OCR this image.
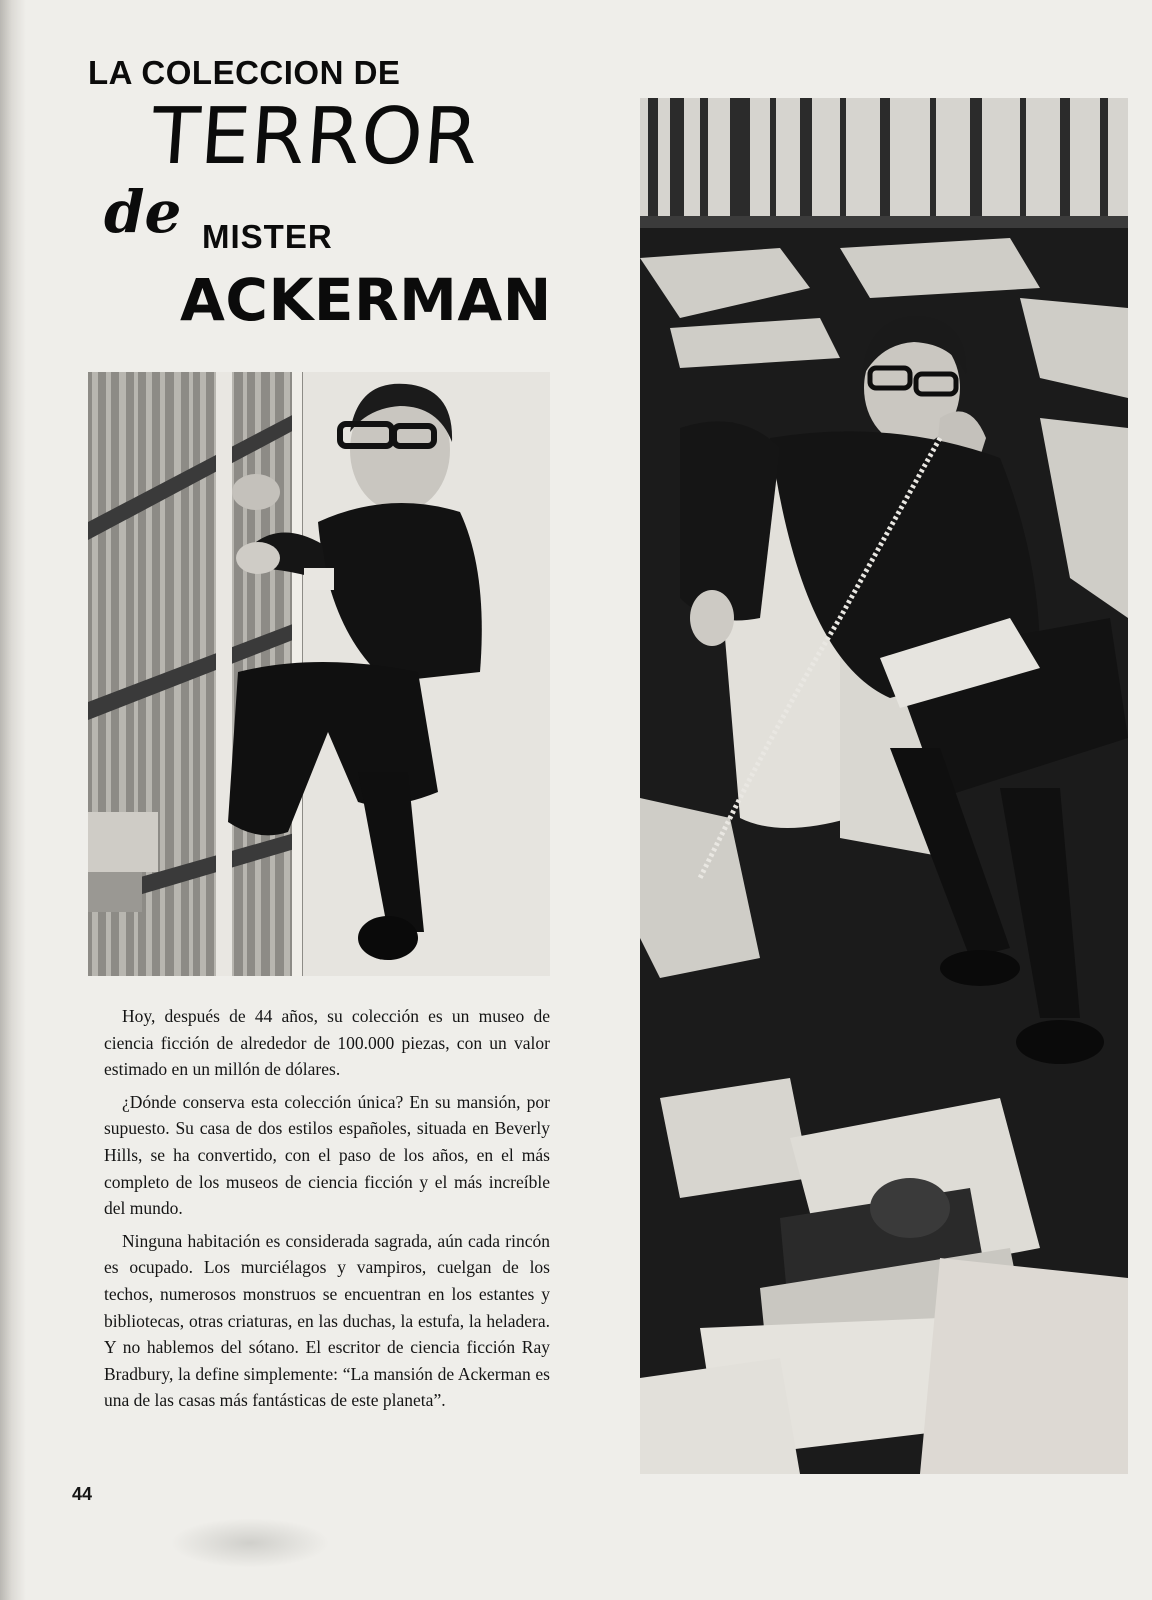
LA COLECCION DE
TERROR
de MISTER
ACKERMAN

Hoy, después de 44 años, su colección es un museo de ciencia ficción de alrededor de 100.000 piezas, con un valor estimado en un millón de dólares.

¿Dónde conserva esta colección única? En su mansión, por supuesto. Su casa de dos estilos españoles, situada en Beverly Hills, se ha convertido, con el paso de los años, en el más completo de los museos de ciencia ficción y el más increíble del mundo.

Ninguna habitación es considerada sagrada, aún cada rincón es ocupado. Los murciélagos y vampiros, cuelgan de los techos, numerosos monstruos se encuentran en los estantes y bibliotecas, otras criaturas, en las duchas, la estufa, la heladera. Y no hablemos del sótano. El escritor de ciencia ficción Ray Bradbury, la define simplemente: “La mansión de Ackerman es una de las casas más fantásticas de este planeta”.

44
